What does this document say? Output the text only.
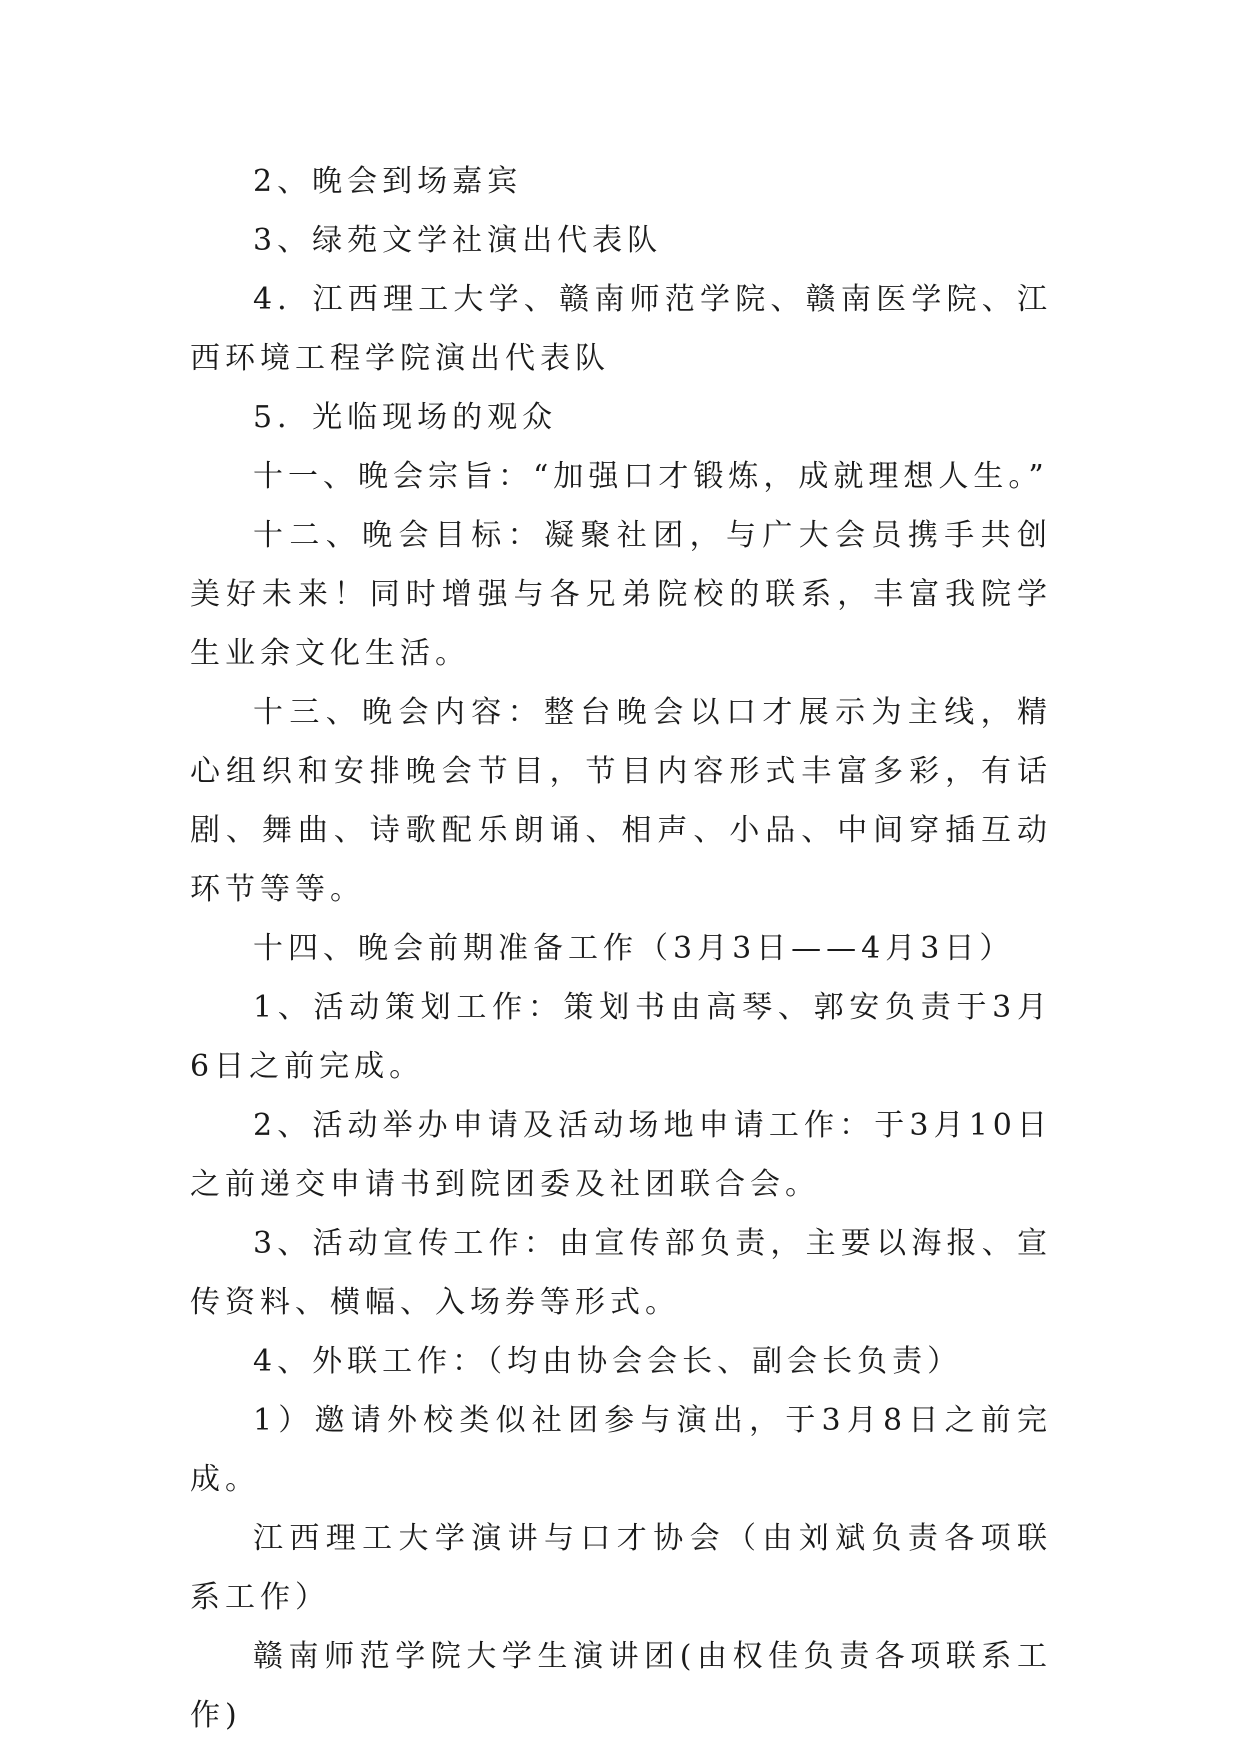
2、晚会到场嘉宾

3、绿苑文学社演出代表队

4．江西理工大学、赣南师范学院、赣南医学院、江西环境工程学院演出代表队

5．光临现场的观众

十一、晚会宗旨：“加强口才锻炼，成就理想人生。”

十二、晚会目标：凝聚社团，与广大会员携手共创美好未来！同时增强与各兄弟院校的联系，丰富我院学生业余文化生活。

十三、晚会内容：整台晚会以口才展示为主线，精心组织和安排晚会节目，节目内容形式丰富多彩，有话剧、舞曲、诗歌配乐朗诵、相声、小品、中间穿插互动环节等等。

十四、晚会前期准备工作（3月3日——4月3日）

1、活动策划工作：策划书由高琴、郭安负责于3月6日之前完成。

2、活动举办申请及活动场地申请工作：于3月10日之前递交申请书到院团委及社团联合会。

3、活动宣传工作：由宣传部负责，主要以海报、宣传资料、横幅、入场券等形式。

4、外联工作：（均由协会会长、副会长负责）

1）邀请外校类似社团参与演出，于3月8日之前完成。

江西理工大学演讲与口才协会（由刘斌负责各项联系工作）

赣南师范学院大学生演讲团(由权佳负责各项联系工作)
